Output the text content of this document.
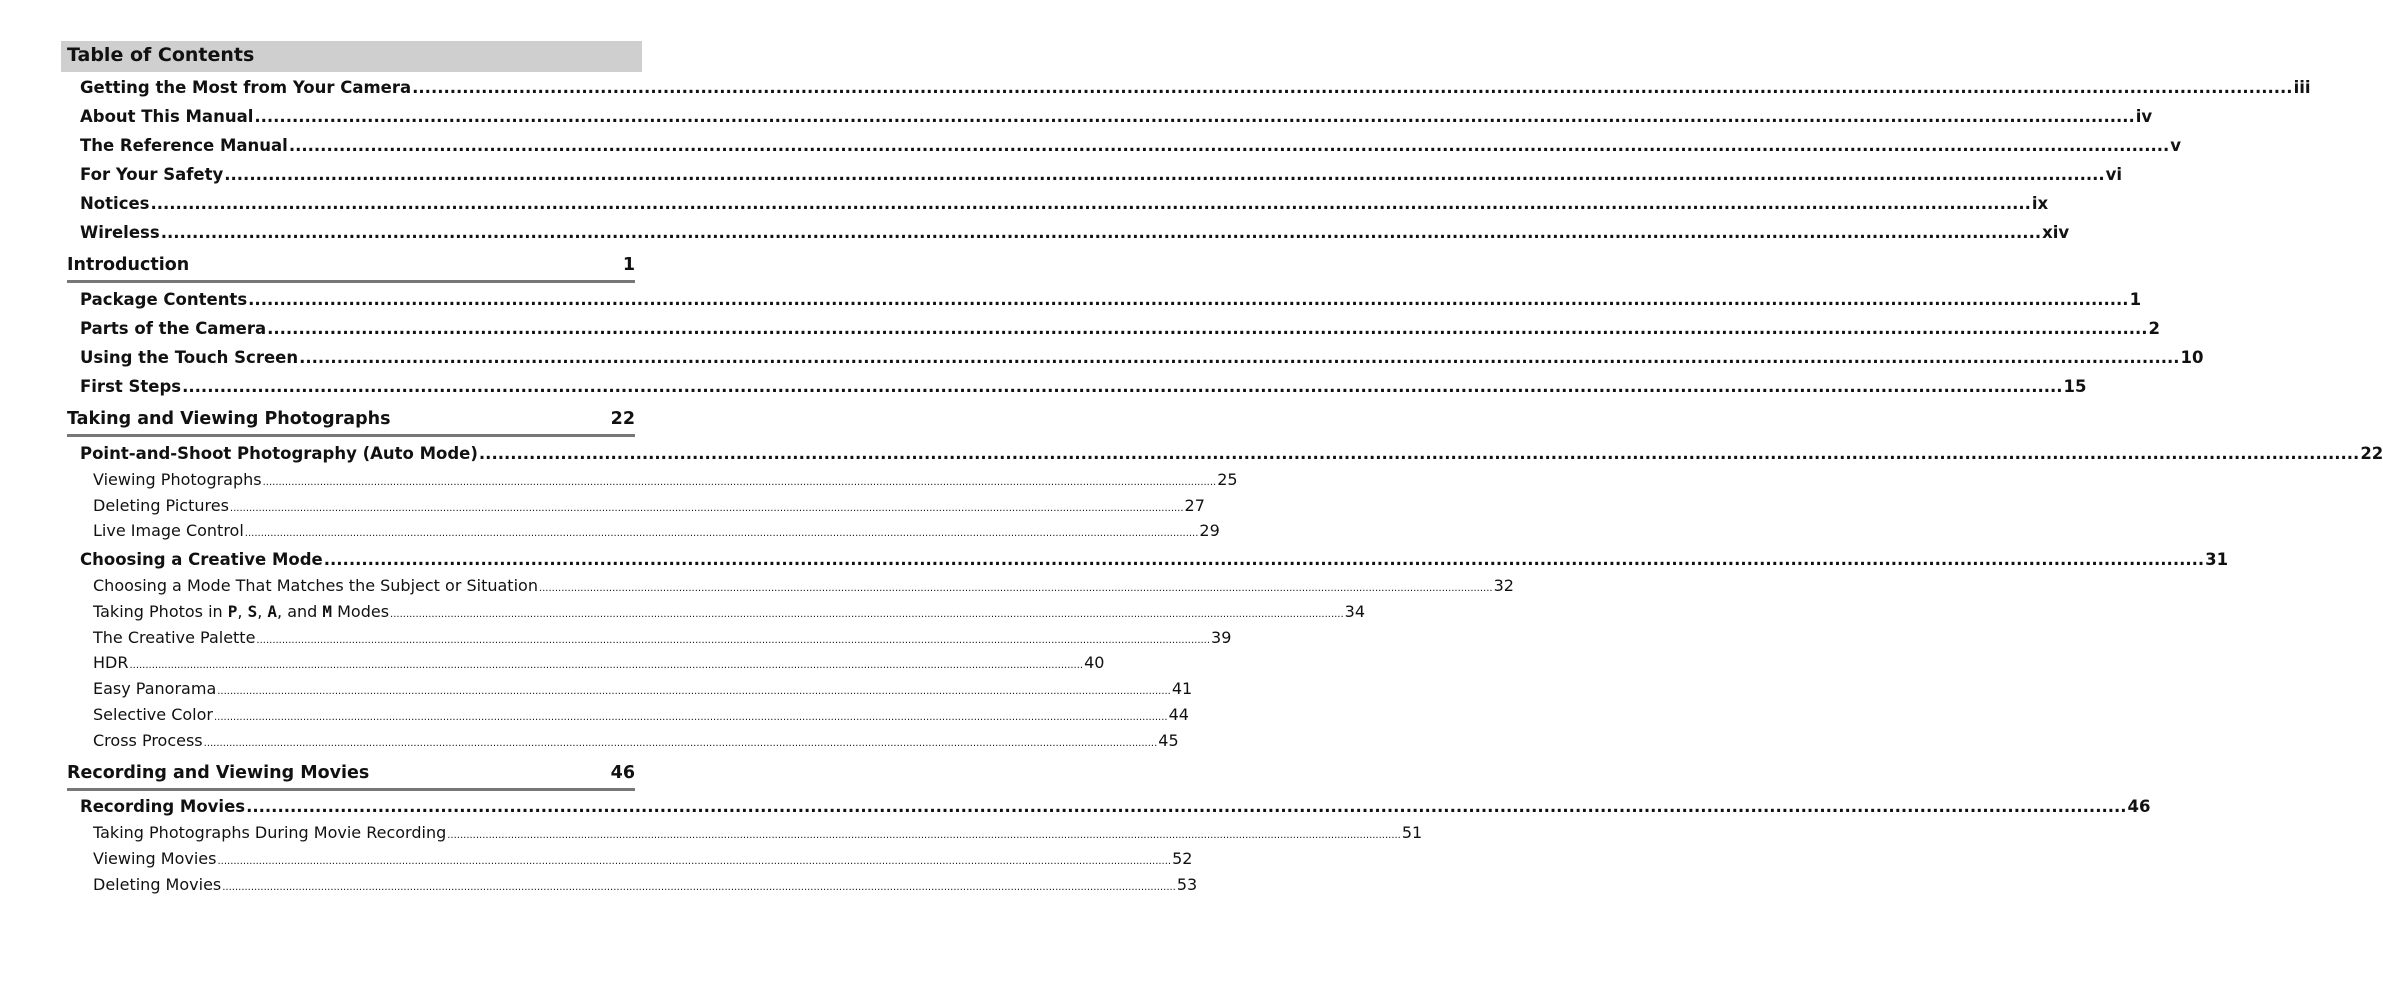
Table of Contents
Getting the Most from Your Camera ............................................................................................................................................................................................................................................................................................................ iii
About This Manual ............................................................................................................................................................................................................................................................................................................ iv
The Reference Manual ............................................................................................................................................................................................................................................................................................................ v
For Your Safety ............................................................................................................................................................................................................................................................................................................ vi
Notices ............................................................................................................................................................................................................................................................................................................ ix
Wireless ............................................................................................................................................................................................................................................................................................................ xiv
Introduction	1
Package Contents ............................................................................................................................................................................................................................................................................................................ 1
Parts of the Camera ............................................................................................................................................................................................................................................................................................................ 2
Using the Touch Screen ............................................................................................................................................................................................................................................................................................................ 10
First Steps ............................................................................................................................................................................................................................................................................................................ 15
Taking and Viewing Photographs	22
Point-and-Shoot Photography (Auto Mode) ............................................................................................................................................................................................................................................................................................................ 22
Viewing Photographs ............................................................................................................................................................................................................................................................................................................ 25
Deleting Pictures ............................................................................................................................................................................................................................................................................................................ 27
Live Image Control ............................................................................................................................................................................................................................................................................................................ 29
Choosing a Creative Mode ............................................................................................................................................................................................................................................................................................................ 31
Choosing a Mode That Matches the Subject or Situation ............................................................................................................................................................................................................................................................................................................ 32
Taking Photos in P, S, A, and M Modes ............................................................................................................................................................................................................................................................................................................ 34
The Creative Palette ............................................................................................................................................................................................................................................................................................................ 39
HDR ............................................................................................................................................................................................................................................................................................................ 40
Easy Panorama ............................................................................................................................................................................................................................................................................................................ 41
Selective Color ............................................................................................................................................................................................................................................................................................................ 44
Cross Process ............................................................................................................................................................................................................................................................................................................ 45
Recording and Viewing Movies	46
Recording Movies ............................................................................................................................................................................................................................................................................................................ 46
Taking Photographs During Movie Recording ............................................................................................................................................................................................................................................................................................................ 51
Viewing Movies ............................................................................................................................................................................................................................................................................................................ 52
Deleting Movies ............................................................................................................................................................................................................................................................................................................ 53
